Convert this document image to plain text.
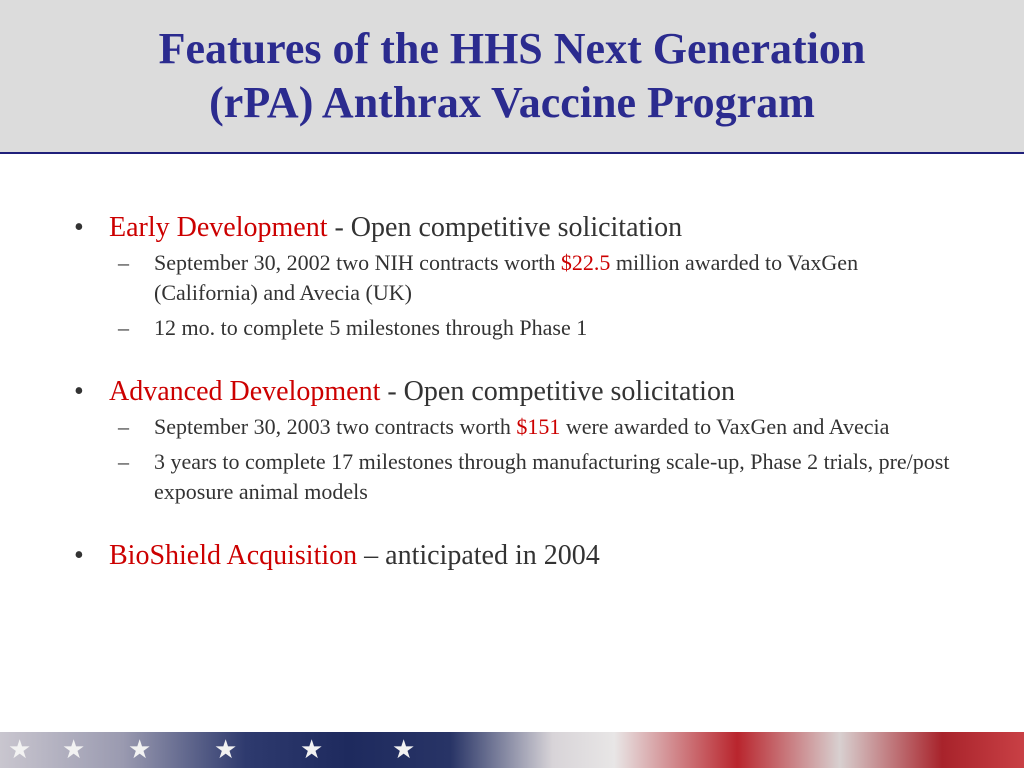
Features of the HHS Next Generation
(rPA) Anthrax Vaccine Program
• Early Development - Open competitive solicitation
– September 30, 2002 two NIH contracts worth $22.5 million awarded to VaxGen (California) and Avecia (UK)
– 12 mo. to complete 5 milestones through Phase 1
• Advanced Development - Open competitive solicitation
– September 30, 2003 two contracts worth $151 were awarded to VaxGen and Avecia
– 3 years to complete 17 milestones through manufacturing scale-up, Phase 2 trials, pre/post exposure animal models
• BioShield Acquisition – anticipated in 2004
★ ★ ★ ★ ★	★
